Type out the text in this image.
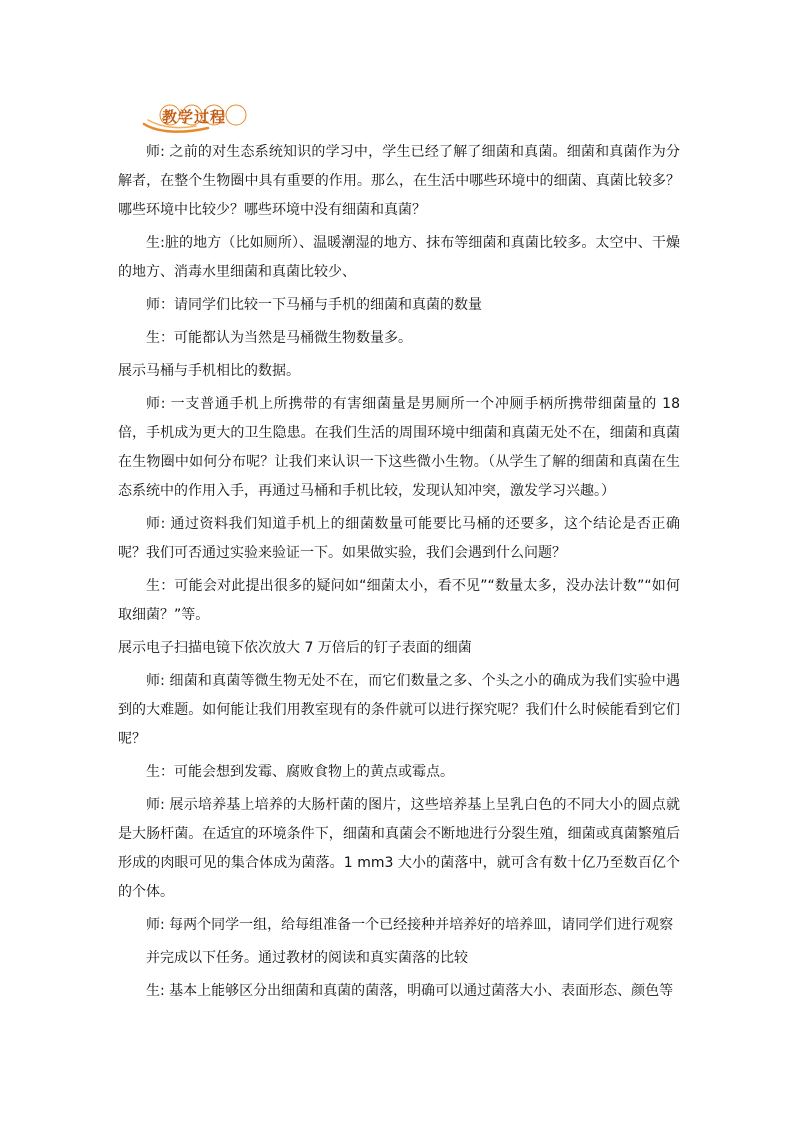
教学过程

师: 之前的对生态系统知识的学习中，学生已经了解了细菌和真菌。细菌和真菌作为分解者，在整个生物圈中具有重要的作用。那么，在生活中哪些环境中的细菌、真菌比较多？哪些环境中比较少？哪些环境中没有细菌和真菌？

生:脏的地方（比如厕所）、温暖潮湿的地方、抹布等细菌和真菌比较多。太空中、干燥的地方、消毒水里细菌和真菌比较少、

师：请同学们比较一下马桶与手机的细菌和真菌的数量

生：可能都认为当然是马桶微生物数量多。

展示马桶与手机相比的数据。

师: 一支普通手机上所携带的有害细菌量是男厕所一个冲厕手柄所携带细菌量的 18 倍，手机成为更大的卫生隐患。在我们生活的周围环境中细菌和真菌无处不在，细菌和真菌在生物圈中如何分布呢？让我们来认识一下这些微小生物。（从学生了解的细菌和真菌在生态系统中的作用入手，再通过马桶和手机比较，发现认知冲突，激发学习兴趣。）

师: 通过资料我们知道手机上的细菌数量可能要比马桶的还要多，这个结论是否正确呢？我们可否通过实验来验证一下。如果做实验，我们会遇到什么问题？

生：可能会对此提出很多的疑问如“细菌太小，看不见”“数量太多，没办法计数”“如何取细菌？”等。

展示电子扫描电镜下依次放大 7 万倍后的钉子表面的细菌

师: 细菌和真菌等微生物无处不在，而它们数量之多、个头之小的确成为我们实验中遇到的大难题。如何能让我们用教室现有的条件就可以进行探究呢？我们什么时候能看到它们呢？

生：可能会想到发霉、腐败食物上的黄点或霉点。

师: 展示培养基上培养的大肠杆菌的图片，这些培养基上呈乳白色的不同大小的圆点就是大肠杆菌。在适宜的环境条件下，细菌和真菌会不断地进行分裂生殖，细菌或真菌繁殖后形成的肉眼可见的集合体成为菌落。1 mm3 大小的菌落中，就可含有数十亿乃至数百亿个的个体。

师: 每两个同学一组，给每组准备一个已经接种并培养好的培养皿，请同学们进行观察

并完成以下任务。通过教材的阅读和真实菌落的比较

生: 基本上能够区分出细菌和真菌的菌落，明确可以通过菌落大小、表面形态、颜色等
